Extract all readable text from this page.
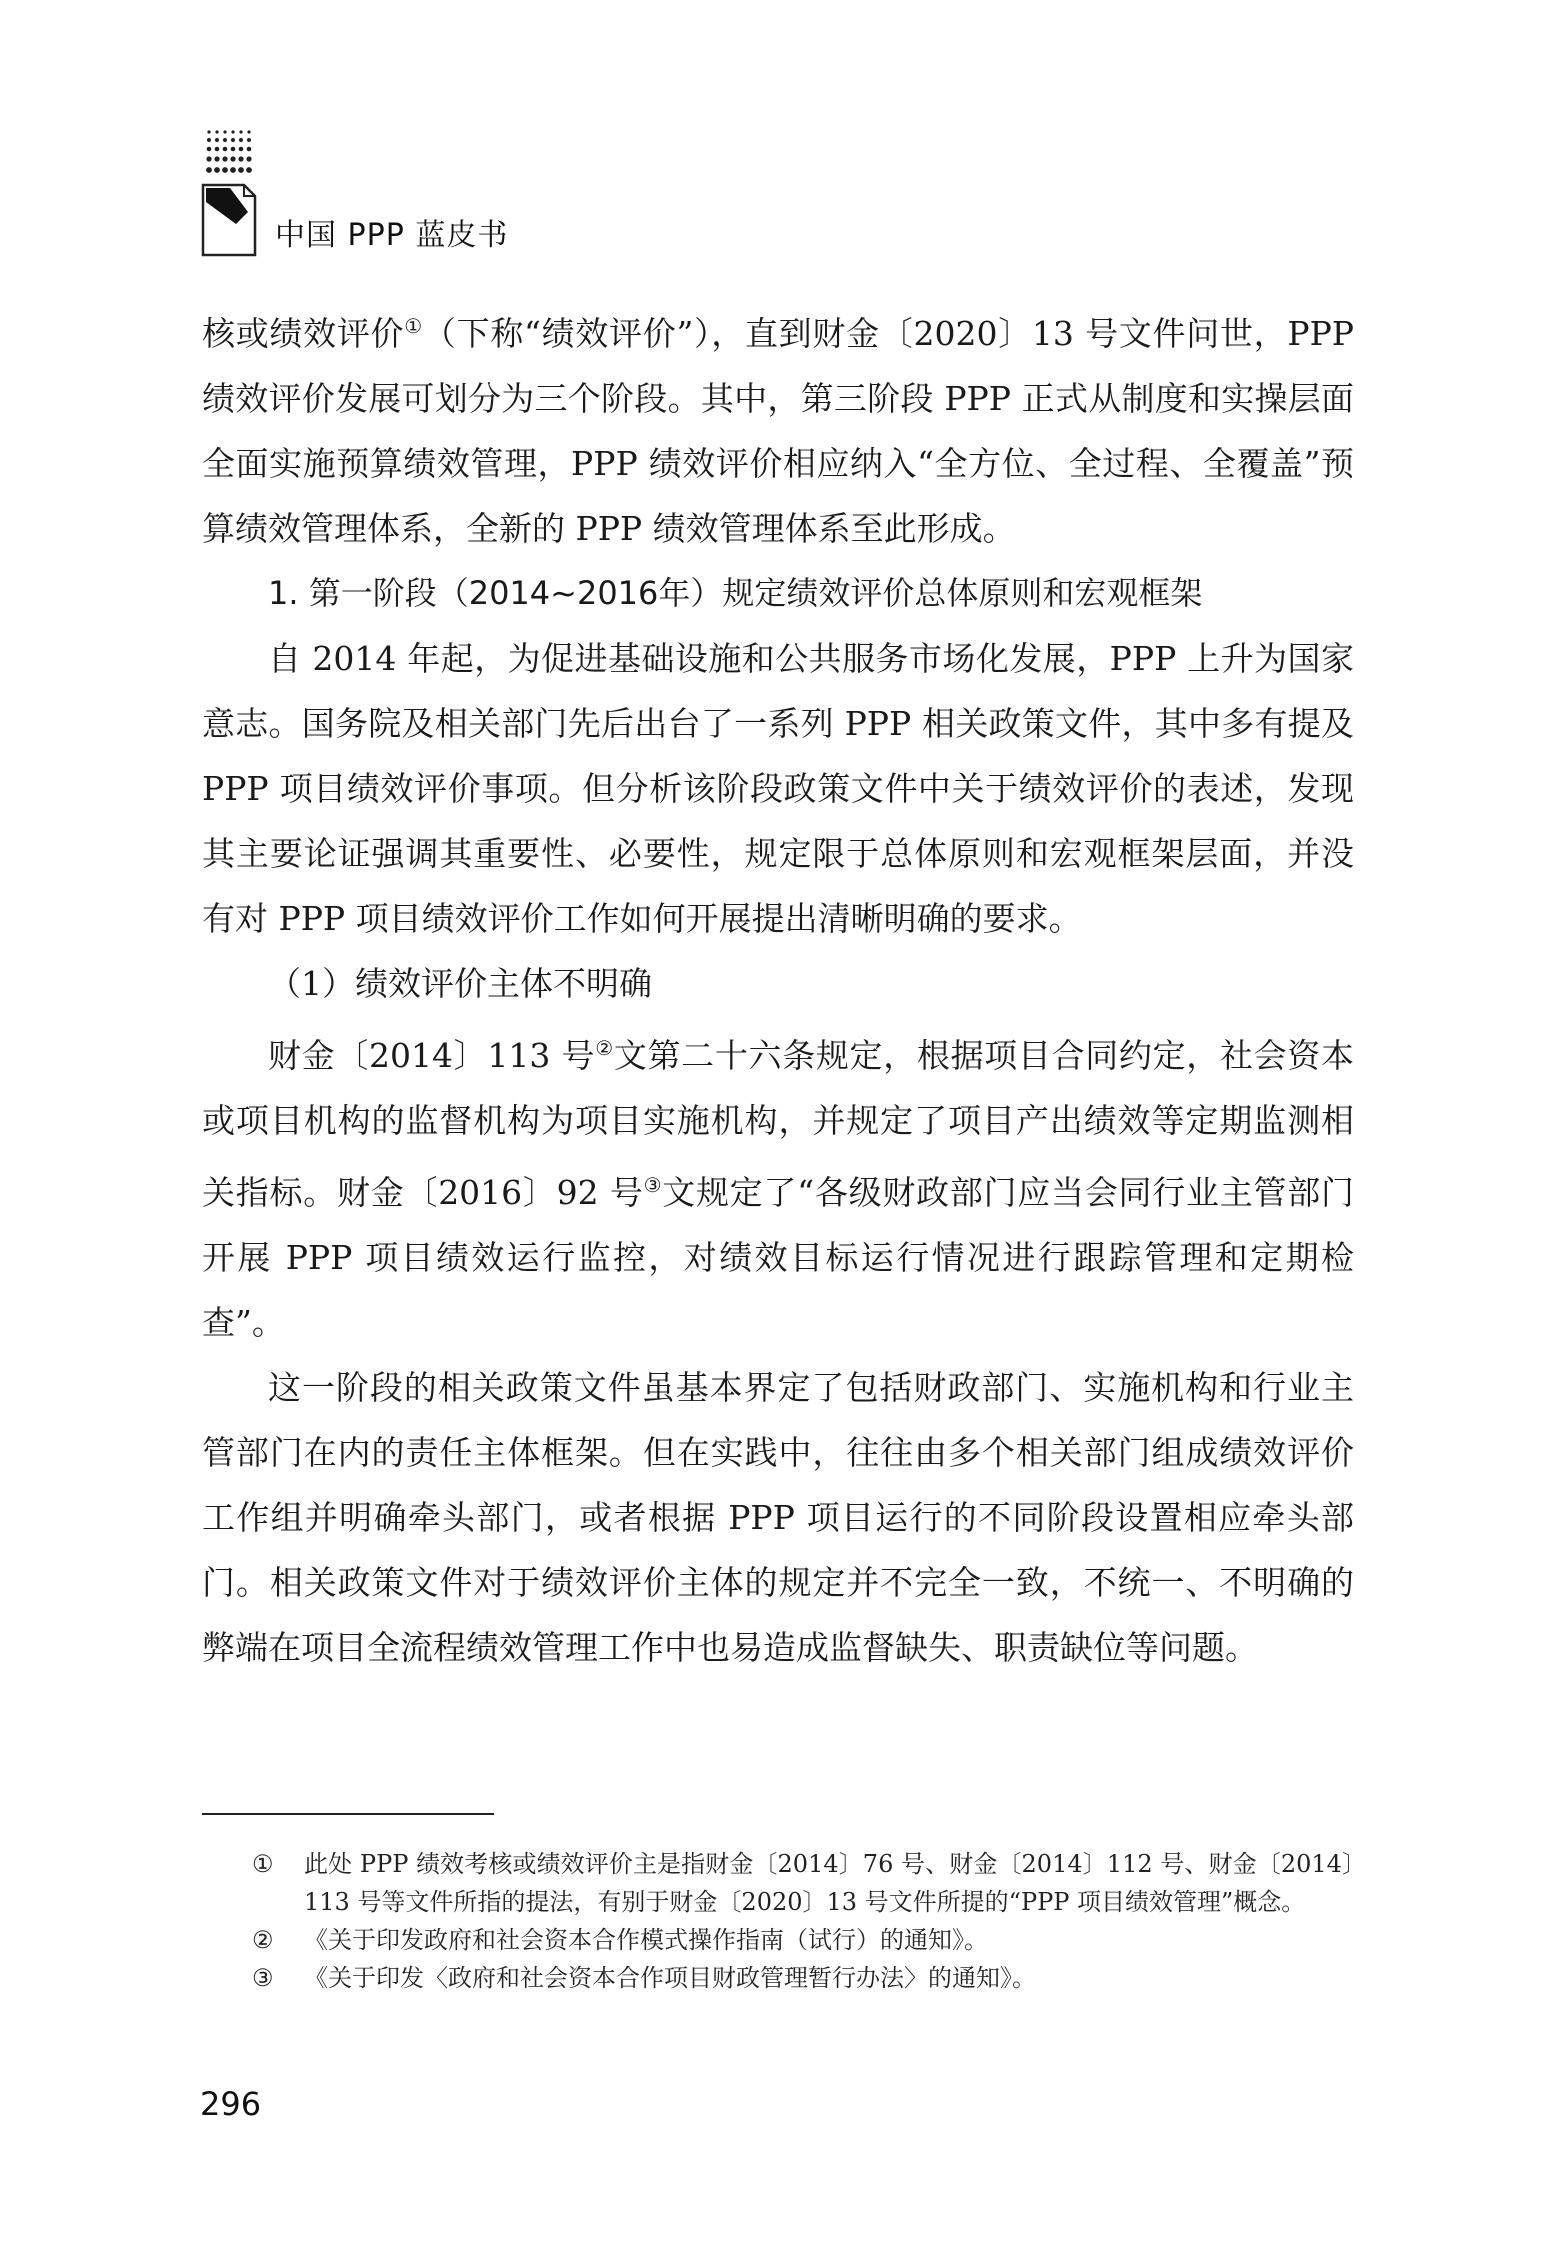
中国 PPP 蓝皮书

核或绩效评价①（下称“绩效评价”），直到财金〔2020〕13 号文件问世，PPP 绩效评价发展可划分为三个阶段。其中，第三阶段 PPP 正式从制度和实操层面全面实施预算绩效管理，PPP 绩效评价相应纳入“全方位、全过程、全覆盖”预算绩效管理体系，全新的 PPP 绩效管理体系至此形成。

1. 第一阶段（2014~2016年）规定绩效评价总体原则和宏观框架

自 2014 年起，为促进基础设施和公共服务市场化发展，PPP 上升为国家意志。国务院及相关部门先后出台了一系列 PPP 相关政策文件，其中多有提及 PPP 项目绩效评价事项。但分析该阶段政策文件中关于绩效评价的表述，发现其主要论证强调其重要性、必要性，规定限于总体原则和宏观框架层面，并没有对 PPP 项目绩效评价工作如何开展提出清晰明确的要求。

（1）绩效评价主体不明确

财金〔2014〕113 号②文第二十六条规定，根据项目合同约定，社会资本或项目机构的监督机构为项目实施机构，并规定了项目产出绩效等定期监测相关指标。财金〔2016〕92 号③文规定了“各级财政部门应当会同行业主管部门开展 PPP 项目绩效运行监控，对绩效目标运行情况进行跟踪管理和定期检查”。

这一阶段的相关政策文件虽基本界定了包括财政部门、实施机构和行业主管部门在内的责任主体框架。但在实践中，往往由多个相关部门组成绩效评价工作组并明确牵头部门，或者根据 PPP 项目运行的不同阶段设置相应牵头部门。相关政策文件对于绩效评价主体的规定并不完全一致，不统一、不明确的弊端在项目全流程绩效管理工作中也易造成监督缺失、职责缺位等问题。

① 此处 PPP 绩效考核或绩效评价主是指财金〔2014〕76 号、财金〔2014〕112 号、财金〔2014〕113 号等文件所指的提法，有别于财金〔2020〕13 号文件所提的“PPP 项目绩效管理”概念。

② 《关于印发政府和社会资本合作模式操作指南（试行）的通知》。

③ 《关于印发〈政府和社会资本合作项目财政管理暂行办法〉的通知》。

296
